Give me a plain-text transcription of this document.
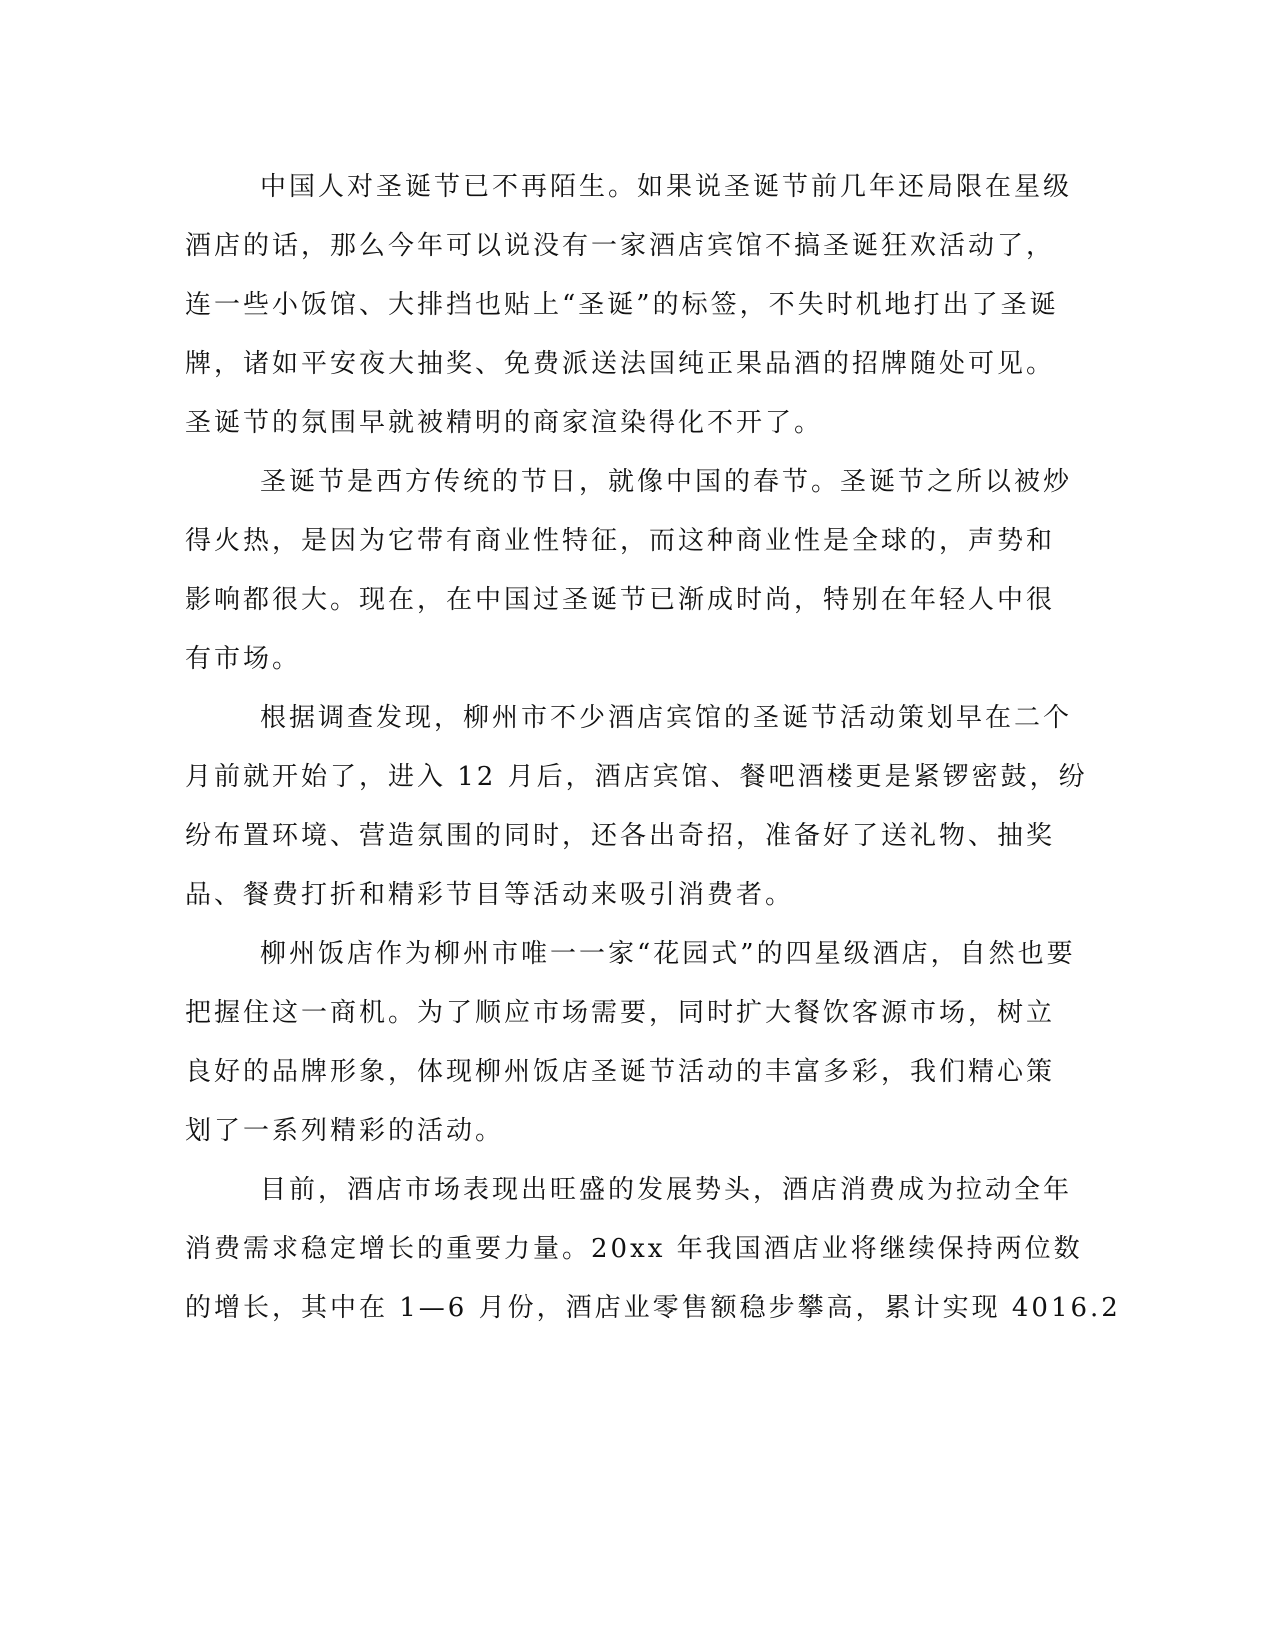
中国人对圣诞节已不再陌生。如果说圣诞节前几年还局限在星级
酒店的话，那么今年可以说没有一家酒店宾馆不搞圣诞狂欢活动了，
连一些小饭馆、大排挡也贴上“圣诞”的标签，不失时机地打出了圣诞
牌，诸如平安夜大抽奖、免费派送法国纯正果品酒的招牌随处可见。
圣诞节的氛围早就被精明的商家渲染得化不开了。
圣诞节是西方传统的节日，就像中国的春节。圣诞节之所以被炒
得火热，是因为它带有商业性特征，而这种商业性是全球的，声势和
影响都很大。现在，在中国过圣诞节已渐成时尚，特别在年轻人中很
有市场。
根据调查发现，柳州市不少酒店宾馆的圣诞节活动策划早在二个
月前就开始了，进入 12 月后，酒店宾馆、餐吧酒楼更是紧锣密鼓，纷
纷布置环境、营造氛围的同时，还各出奇招，准备好了送礼物、抽奖
品、餐费打折和精彩节目等活动来吸引消费者。
柳州饭店作为柳州市唯一一家“花园式”的四星级酒店，自然也要
把握住这一商机。为了顺应市场需要，同时扩大餐饮客源市场，树立
良好的品牌形象，体现柳州饭店圣诞节活动的丰富多彩，我们精心策
划了一系列精彩的活动。
目前，酒店市场表现出旺盛的发展势头，酒店消费成为拉动全年
消费需求稳定增长的重要力量。20xx 年我国酒店业将继续保持两位数
的增长，其中在 1—6 月份，酒店业零售额稳步攀高，累计实现 4016.2
